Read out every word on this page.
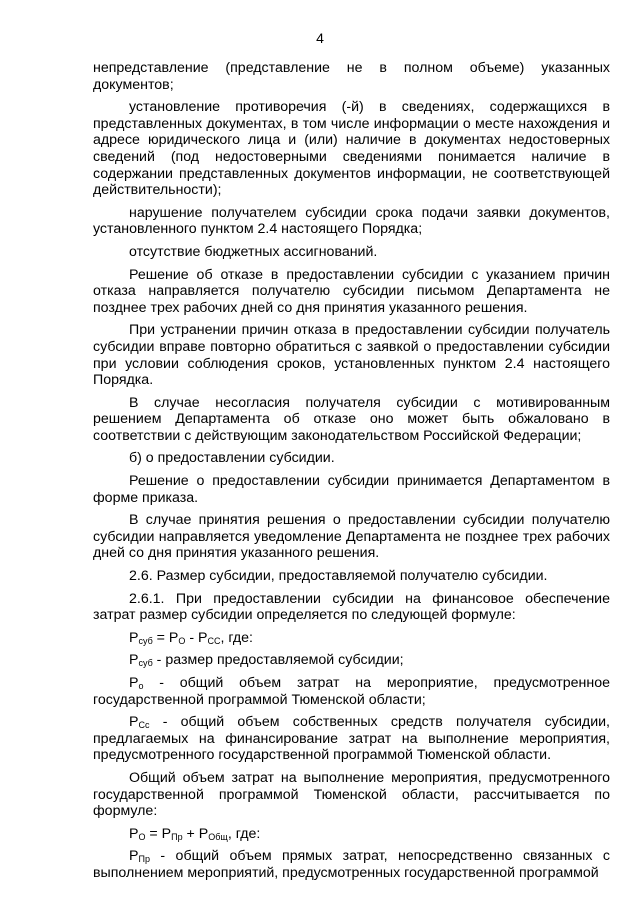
4

непредставление (представление не в полном объеме) указанных документов;

установление противоречия (-й) в сведениях, содержащихся в представленных документах, в том числе информации о месте нахождения и адресе юридического лица и (или) наличие в документах недостоверных сведений (под недостоверными сведениями понимается наличие в содержании представленных документов информации, не соответствующей действительности);

нарушение получателем субсидии срока подачи заявки документов, установленного пунктом 2.4 настоящего Порядка;

отсутствие бюджетных ассигнований.

Решение об отказе в предоставлении субсидии с указанием причин отказа направляется получателю субсидии письмом Департамента не позднее трех рабочих дней со дня принятия указанного решения.

При устранении причин отказа в предоставлении субсидии получатель субсидии вправе повторно обратиться с заявкой о предоставлении субсидии при условии соблюдения сроков, установленных пунктом 2.4 настоящего Порядка.

В случае несогласия получателя субсидии с мотивированным решением Департамента об отказе оно может быть обжаловано в соответствии с действующим законодательством Российской Федерации;

б) о предоставлении субсидии.

Решение о предоставлении субсидии принимается Департаментом в форме приказа.

В случае принятия решения о предоставлении субсидии получателю субсидии направляется уведомление Департамента не позднее трех рабочих дней со дня принятия указанного решения.

2.6. Размер субсидии, предоставляемой получателю субсидии.

2.6.1. При предоставлении субсидии на финансовое обеспечение затрат размер субсидии определяется по следующей формуле:

$P_{суб} = P_О - P_{СС}$, где:

$P_{суб}$ - размер предоставляемой субсидии;

$P_о$ - общий объем затрат на мероприятие, предусмотренное государственной программой Тюменской области;

$P_{Сс}$ - общий объем собственных средств получателя субсидии, предлагаемых на финансирование затрат на выполнение мероприятия, предусмотренного государственной программой Тюменской области.

Общий объем затрат на выполнение мероприятия, предусмотренного государственной программой Тюменской области, рассчитывается по формуле:

$P_О = P_{Пр} + P_{Общ}$, где:

$P_{Пр}$ - общий объем прямых затрат, непосредственно связанных с выполнением мероприятий, предусмотренных государственной программой
